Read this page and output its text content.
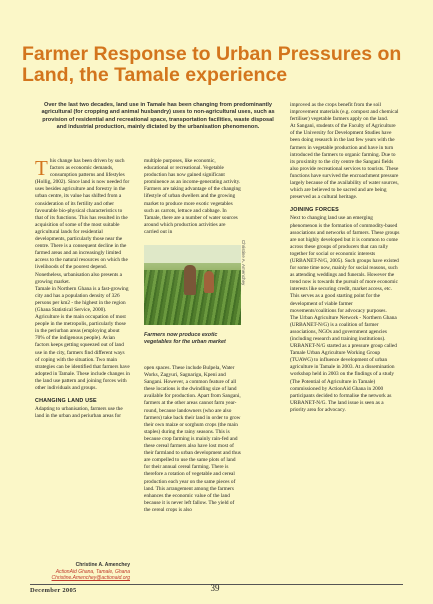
Farmer Response to Urban Pressures on Land, the Tamale experience

Over the last two decades, land use in Tamale has been changing from predominantly agricultural (for cropping and animal husbandry) uses to non-agricultural uses, such as provision of residential and recreational space, transportation facilities, waste disposal and industrial production, mainly dictated by the urbanisation phenomenon.

T his change has been driven by such factors as economic demands, consumption patterns and lifestyles (Hollig, 2002). Since land is now needed for uses besides agriculture and forestry in the urban centre, its value has shifted from a consideration of its fertility and other favourable bio-physical characteristics to that of its functions. This has resulted in the acquisition of some of the most suitable agricultural lands for residential developments, particularly those near the centre. There is a consequent decline in the farmed areas and an increasingly limited access to the natural resources on which the livelihoods of the poorest depend. Nonetheless, urbanisation also presents a growing market.

Tamale in Northern Ghana is a fast-growing city and has a population density of 326 persons per km2 - the highest in the region (Ghana Statistical Service, 2000). Agriculture is the main occupation of most people in the metropolis, particularly those in the periurban areas (employing about 70% of the indigenous people). Avian factors keeps getting squeezed out of land use in the city, farmers find different ways of coping with the situation. Two main strategies can be identified that farmers have adopted in Tamale. These include changes in the land use pattern and joining forces with other individuals and groups.

CHANGING LAND USE

Adapting to urbanisation, farmers use the land in the urban and periurban areas for

multiple purposes, like economic, educational or recreational. Vegetable production has now gained significant prominence as an income-generating activity. Farmers are taking advantage of the changing lifestyle of urban dwellers and the growing market to produce more exotic vegetables such as carrots, lettuce and cabbage. In Tamale, there are a number of water sources around which production activities are carried out in

Christine A. Amenchey

Farmers now produce exotic vegetables for the urban market

open spaces. These include Bulpela, Water Works, Zagyuri, Sagnarigu, Kpeni and Sangani. However, a common feature of all these locations is the dwindling size of land available for production. Apart from Sangani, farmers at the other areas cannot farm year-round, because landowners (who are also farmers) take back their land in order to grow their own maize or sorghum crops (the main staples) during the rainy seasons. This is because crop farming is mainly rain-fed and these cereal farmers also have lost most of their farmland to urban development and thus are compelled to use the same plots of land for their annual cereal farming. There is therefore a rotation of vegetable and cereal production each year on the same pieces of land. This arrangement among the farmers enhances the economic value of the land because it is never left fallow. The yield of the cereal crops is also

improved as the crops benefit from the soil improvement materials (e.g. compost and chemical fertiliser) vegetable farmers apply on the land.

At Sangani, students of the Faculty of Agriculture of the University for Development Studies have been doing research in the last few years with the farmers in vegetable production and have in turn introduced the farmers to organic farming. Due to its proximity to the city centre the Sangani fields also provide recreational services to tourists. These functions have survived the encroachment pressure largely because of the availability of water sources, which are believed to be sacred and are being preserved as a cultural heritage.

JOINING FORCES

Next to changing land use an emerging phenomenon is the formation of commodity-based associations and networks of farmers. These groups are not highly developed but it is common to come across these groups of producers that can rally together for social or economic interests (URBANET-N/G, 2005). Such groups have existed for some time now, mainly for social reasons, such as attending weddings and funerals. However the trend now is towards the pursuit of more economic interests like securing credit, market access, etc. This serves as a good starting point for the development of viable farmer movements/coalitions for advocacy purposes.

The Urban Agriculture Network - Northern Ghana (URBANET-N/G) is a coalition of farmer associations, NGOs and government agencies (including research and training institutions). URBANET-N/G started as a pressure group called Tamale Urban Agriculture Working Group (TUAWG) to influence development of urban agriculture in Tamale in 2003. At a dissemination workshop held in 2003 on the findings of a study (The Potential of Agriculture in Tamale) commissioned by ActionAid Ghana in 2000 participants decided to formalise the network as URBANET-N/G. The land issue is seen as a priority area for advocacy.

Christine A. Amenchey
ActionAid Ghana, Tamale, Ghana
Christine.Amenchey@actionaid.org
December 2005	39
